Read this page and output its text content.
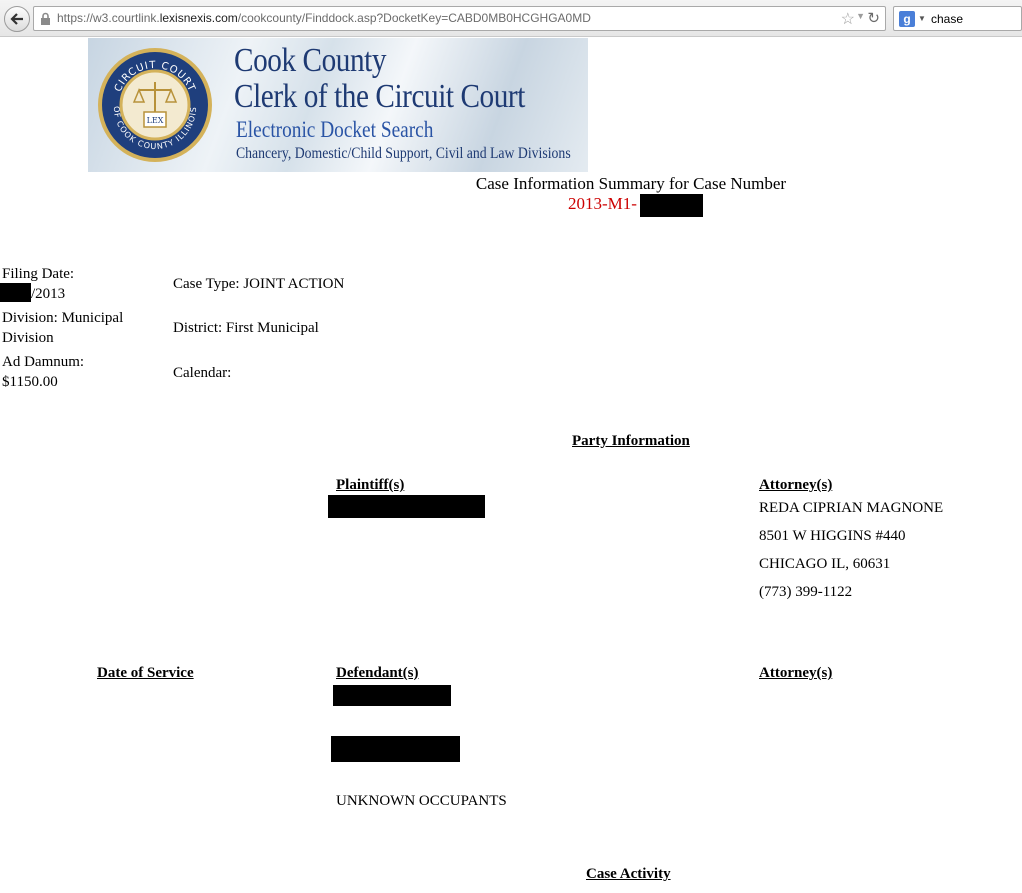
https://w3.courtlink.lexisnexis.com/cookcounty/Finddock.asp?DocketKey=CABD0MB0HCGHGA0MD	☆ ▼ ↻	g ▼ chase
CIRCUIT COURT
OF COOK COUNTY ILLINOIS
LEX
Cook County
Clerk of the Circuit Court
Electronic Docket Search
Chancery, Domestic/Child Support, Civil and Law Divisions
Case Information Summary for Case Number
2013-M1-
Filing Date:
/2013
Division: Municipal Division
Ad Damnum:
$1150.00
Case Type: JOINT ACTION
District: First Municipal
Calendar:
Party Information
Plaintiff(s)	Attorney(s)
REDA CIPRIAN MAGNONE
8501 W HIGGINS #440
CHICAGO IL, 60631
(773) 399-1122
Date of Service	Defendant(s)	Attorney(s)
UNKNOWN OCCUPANTS
Case Activity
